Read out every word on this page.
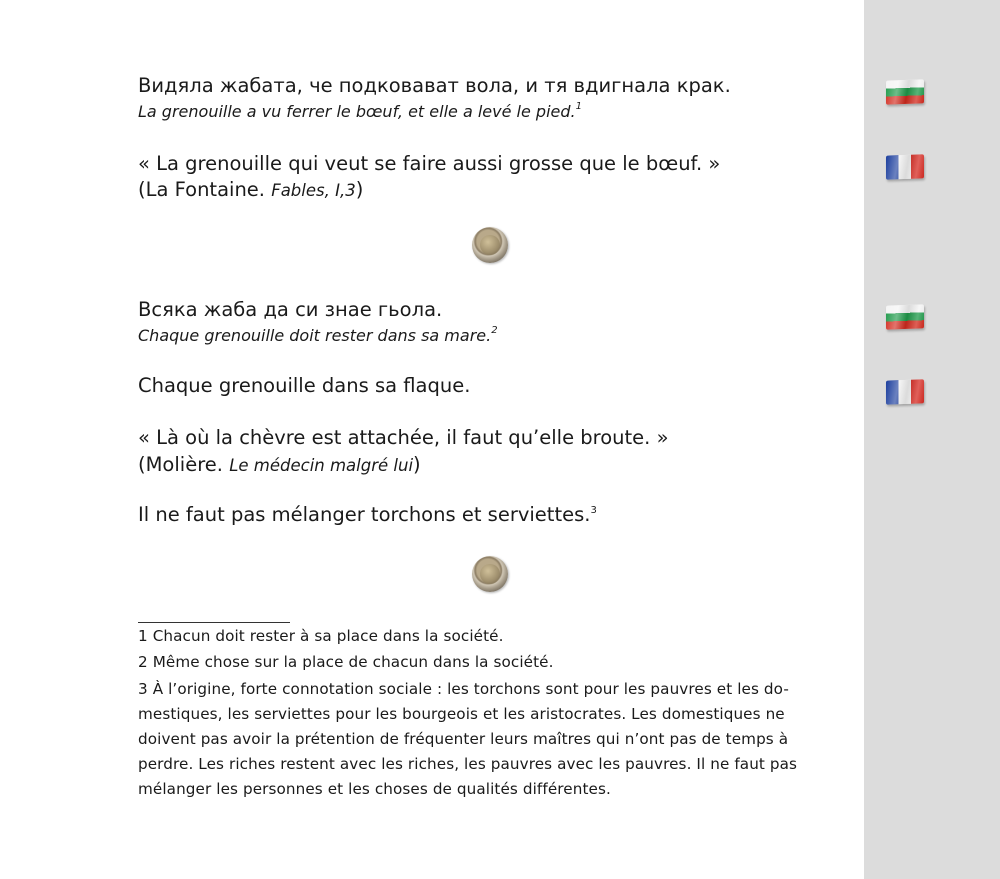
Видяла жабата, че подковават вола, и тя вдигнала крак.
La grenouille a vu ferrer le bœuf, et elle a levé le pied.$^1$
« La grenouille qui veut se faire aussi grosse que le bœuf. »
(La Fontaine. Fables, I,3)
Всяка жаба да си знае гьола.
Chaque grenouille doit rester dans sa mare.$^2$
Chaque grenouille dans sa flaque.
« Là où la chèvre est attachée, il faut qu’elle broute. »
(Molière. Le médecin malgré lui)
Il ne faut pas mélanger torchons et serviettes.$^3$
1 Chacun doit rester à sa place dans la société.
2 Même chose sur la place de chacun dans la société.
3 À l’origine, forte connotation sociale : les torchons sont pour les pauvres et les do-
mestiques, les serviettes pour les bourgeois et les aristocrates. Les domestiques ne
doivent pas avoir la prétention de fréquenter leurs maîtres qui n’ont pas de temps à
perdre. Les riches restent avec les riches, les pauvres avec les pauvres. Il ne faut pas
mélanger les personnes et les choses de qualités différentes.
